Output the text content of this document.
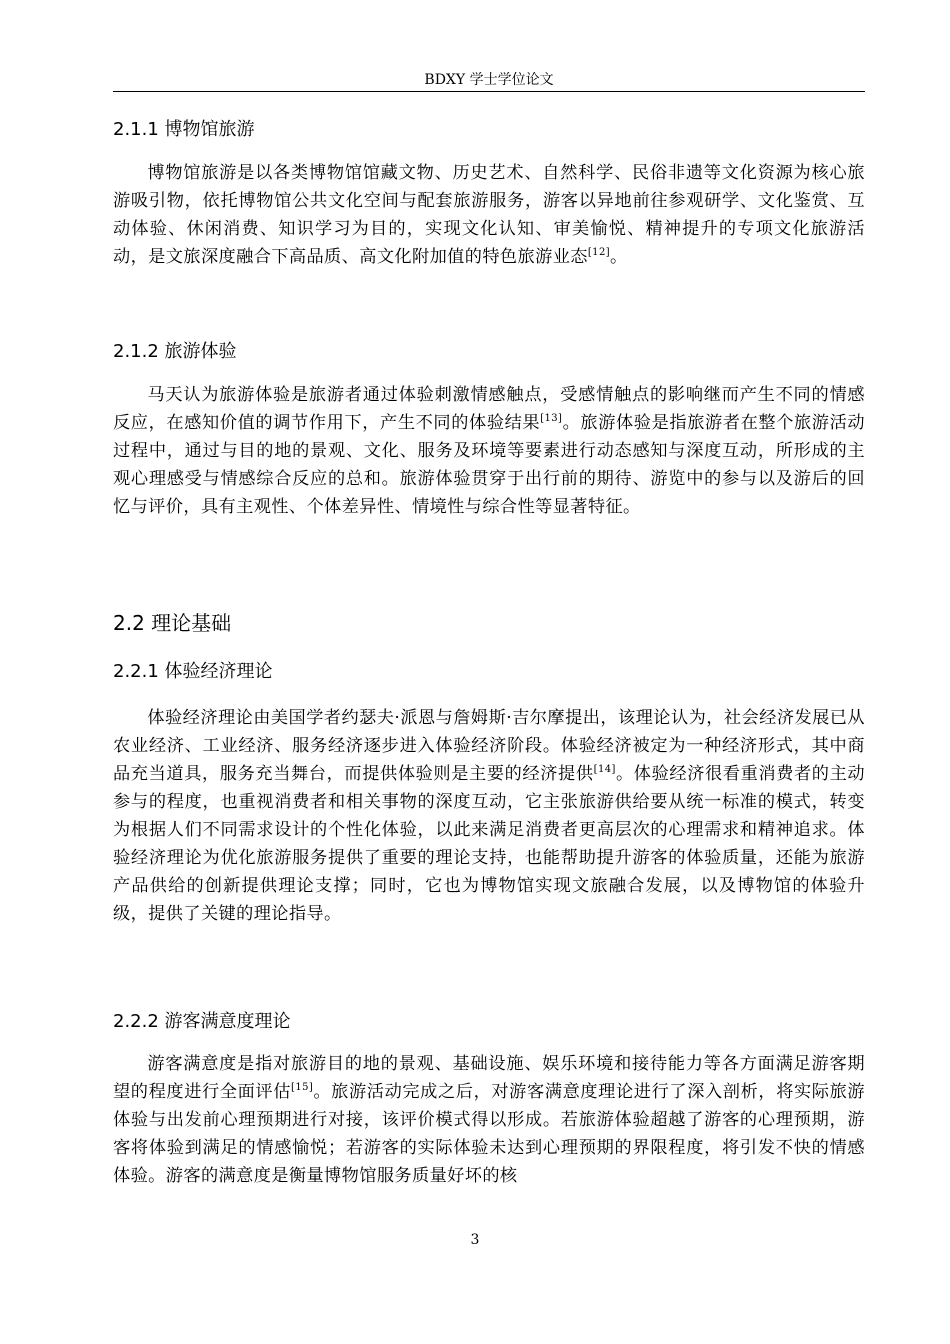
BDXY 学士学位论文
2.1.1 博物馆旅游
博物馆旅游是以各类博物馆馆藏文物、历史艺术、自然科学、民俗非遗等文化资源为核心旅游吸引物，依托博物馆公共文化空间与配套旅游服务，游客以异地前往参观研学、文化鉴赏、互动体验、休闲消费、知识学习为目的，实现文化认知、审美愉悦、精神提升的专项文化旅游活动，是文旅深度融合下高品质、高文化附加值的特色旅游业态[12]。
2.1.2 旅游体验
马天认为旅游体验是旅游者通过体验刺激情感触点，受感情触点的影响继而产生不同的情感反应，在感知价值的调节作用下，产生不同的体验结果[13]。旅游体验是指旅游者在整个旅游活动过程中，通过与目的地的景观、文化、服务及环境等要素进行动态感知与深度互动，所形成的主观心理感受与情感综合反应的总和。旅游体验贯穿于出行前的期待、游览中的参与以及游后的回忆与评价，具有主观性、个体差异性、情境性与综合性等显著特征。
2.2 理论基础
2.2.1 体验经济理论
体验经济理论由美国学者约瑟夫·派恩与詹姆斯·吉尔摩提出，该理论认为，社会经济发展已从农业经济、工业经济、服务经济逐步进入体验经济阶段。体验经济被定为一种经济形式，其中商品充当道具，服务充当舞台，而提供体验则是主要的经济提供[14]。体验经济很看重消费者的主动参与的程度，也重视消费者和相关事物的深度互动，它主张旅游供给要从统一标准的模式，转变为根据人们不同需求设计的个性化体验，以此来满足消费者更高层次的心理需求和精神追求。体验经济理论为优化旅游服务提供了重要的理论支持，也能帮助提升游客的体验质量，还能为旅游产品供给的创新提供理论支撑；同时，它也为博物馆实现文旅融合发展，以及博物馆的体验升级，提供了关键的理论指导。
2.2.2 游客满意度理论
游客满意度是指对旅游目的地的景观、基础设施、娱乐环境和接待能力等各方面满足游客期望的程度进行全面评估[15]。旅游活动完成之后，对游客满意度理论进行了深入剖析，将实际旅游体验与出发前心理预期进行对接，该评价模式得以形成。若旅游体验超越了游客的心理预期，游客将体验到满足的情感愉悦；若游客的实际体验未达到心理预期的界限程度，将引发不快的情感体验。游客的满意度是衡量博物馆服务质量好坏的核
3
